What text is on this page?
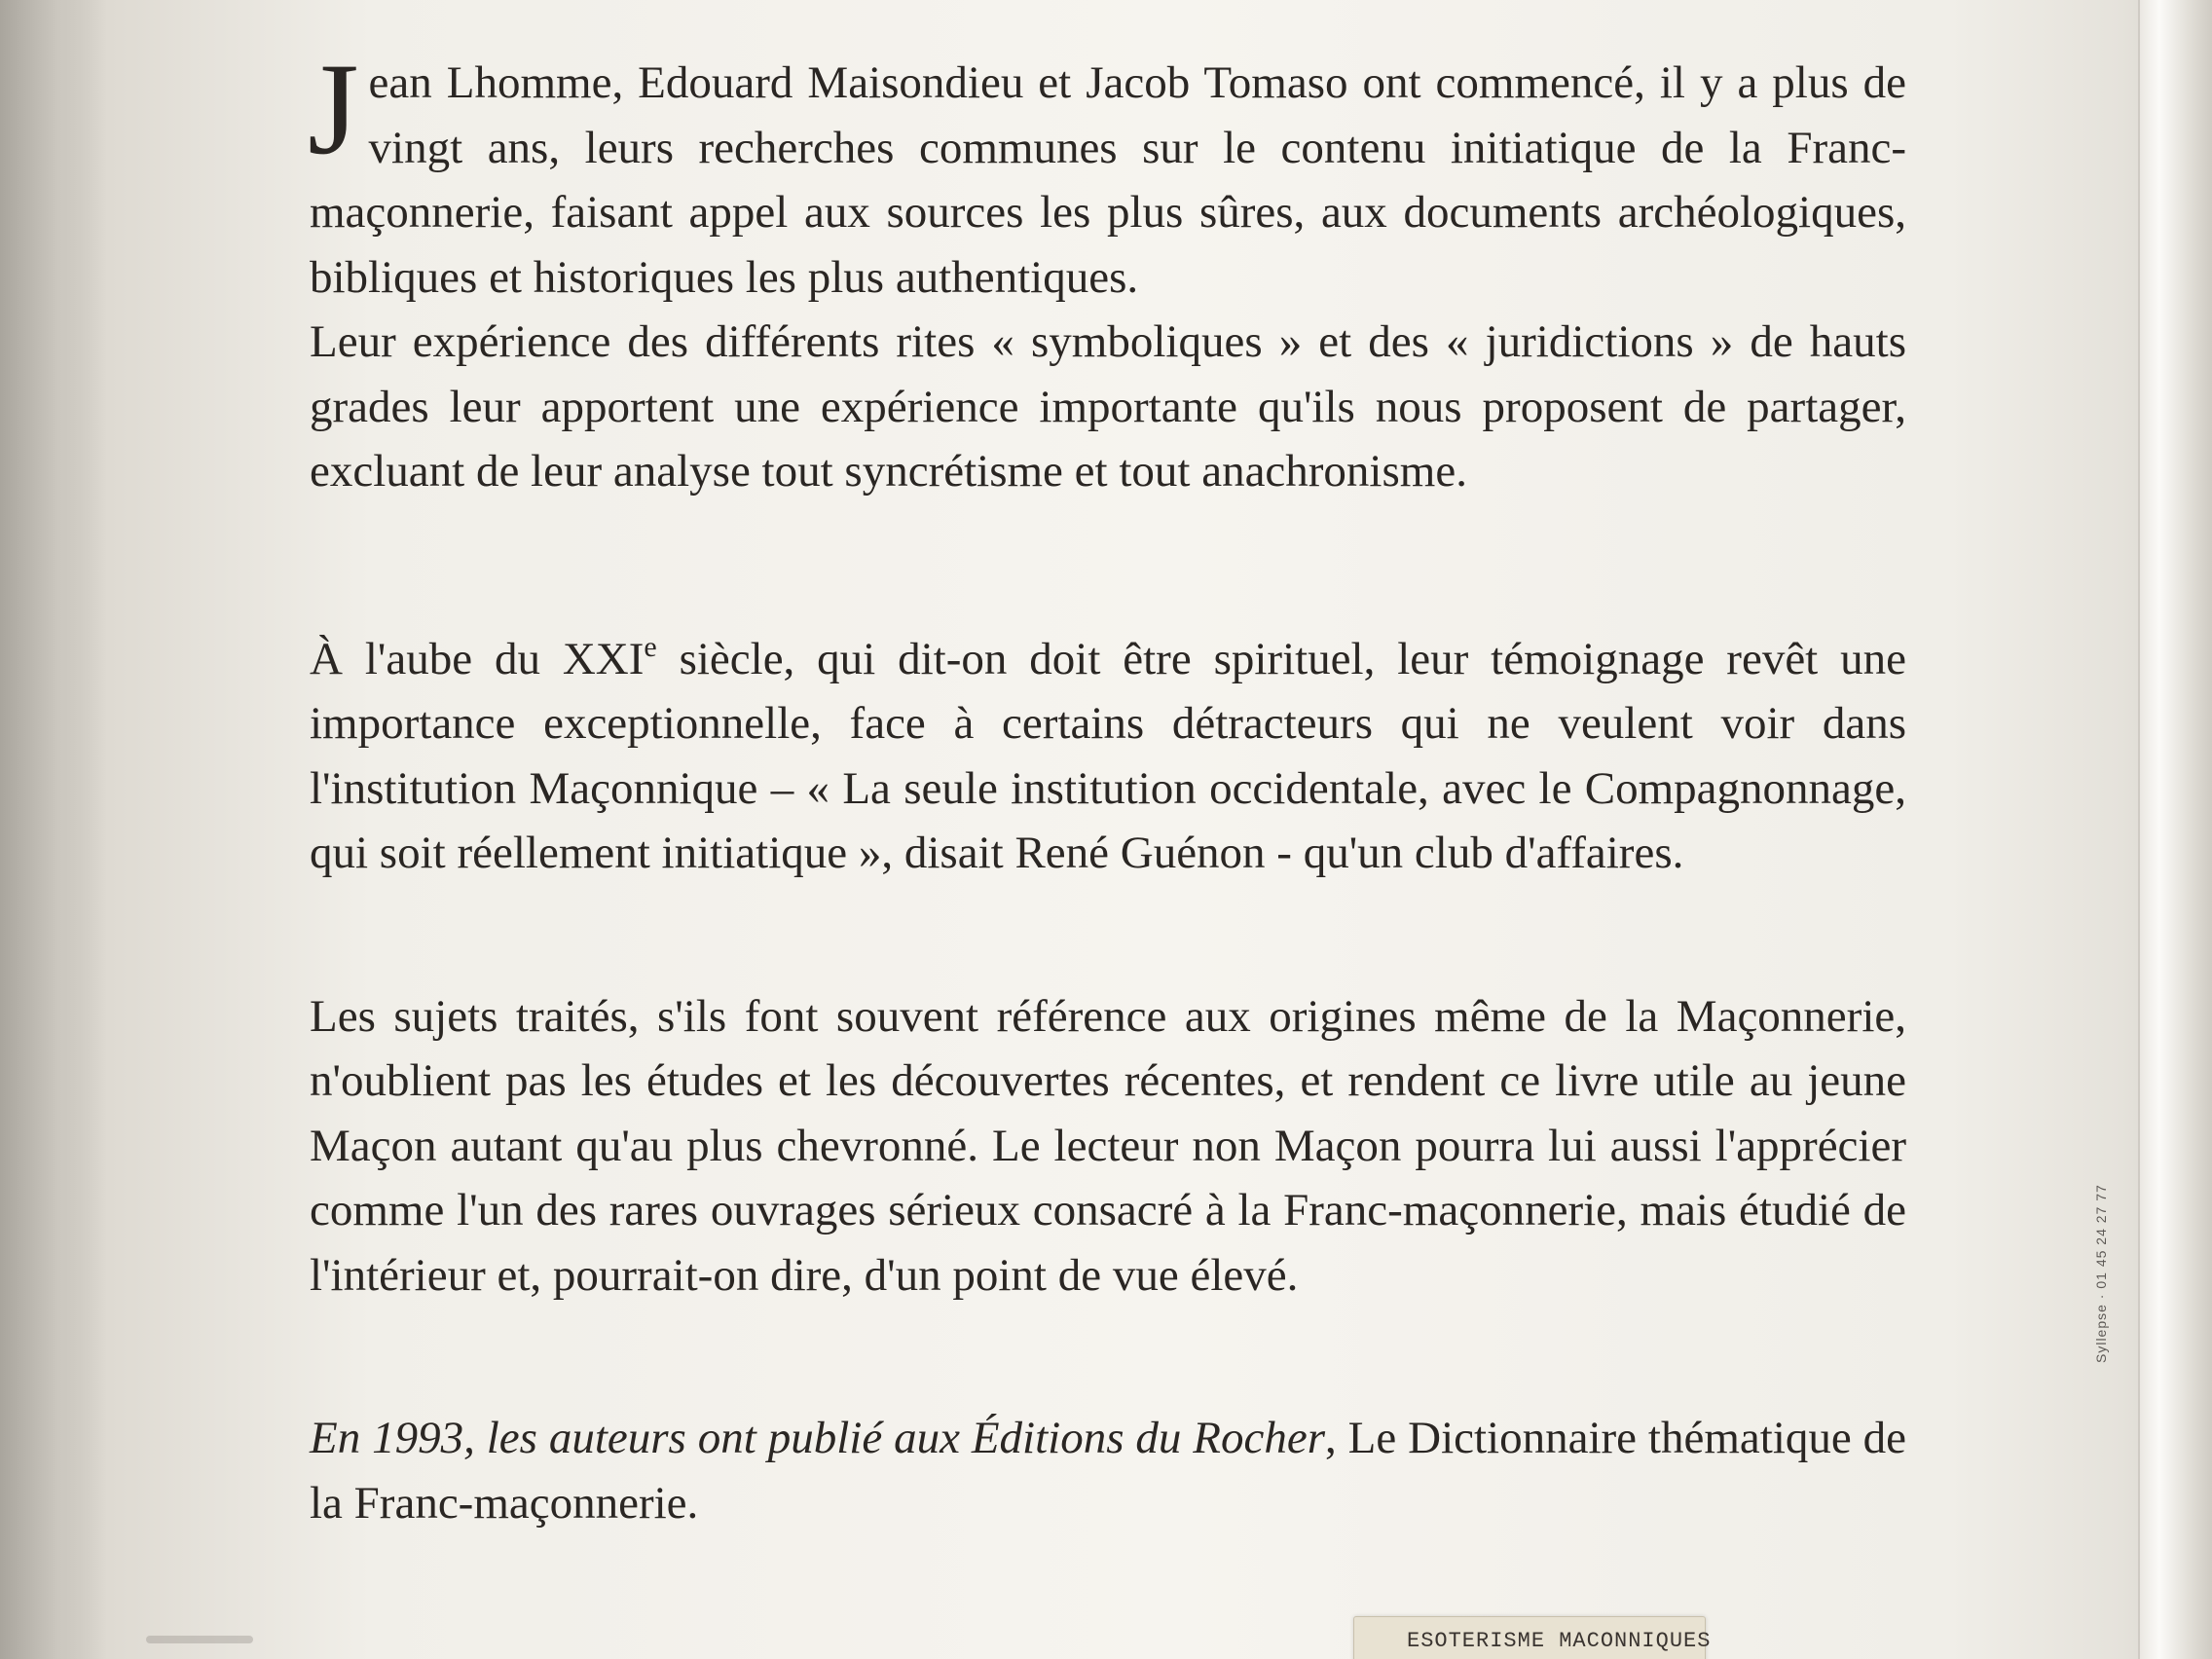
Jean Lhomme, Edouard Maisondieu et Jacob Tomaso ont commencé, il y a plus de vingt ans, leurs recherches communes sur le contenu initiatique de la Franc-maçonnerie, faisant appel aux sources les plus sûres, aux documents archéologiques, bibliques et historiques les plus authentiques.

Leur expérience des différents rites « symboliques » et des « juridictions » de hauts grades leur apportent une expérience importante qu'ils nous proposent de partager, excluant de leur analyse tout syncrétisme et tout anachronisme.

À l'aube du XXIe siècle, qui dit-on doit être spirituel, leur témoignage revêt une importance exceptionnelle, face à certains détracteurs qui ne veulent voir dans l'institution Maçonnique – « La seule institution occidentale, avec le Compagnonnage, qui soit réellement initiatique », disait René Guénon - qu'un club d'affaires.

Les sujets traités, s'ils font souvent référence aux origines même de la Maçonnerie, n'oublient pas les études et les découvertes récentes, et rendent ce livre utile au jeune Maçon autant qu'au plus chevronné. Le lecteur non Maçon pourra lui aussi l'apprécier comme l'un des rares ouvrages sérieux consacré à la Franc-maçonnerie, mais étudié de l'intérieur et, pourrait-on dire, d'un point de vue élevé.

En 1993, les auteurs ont publié aux Éditions du Rocher, Le Dictionnaire thématique de la Franc-maçonnerie.

Syllepse · 01 45 24 27 77
ESOTERISME MACONNIQUES
